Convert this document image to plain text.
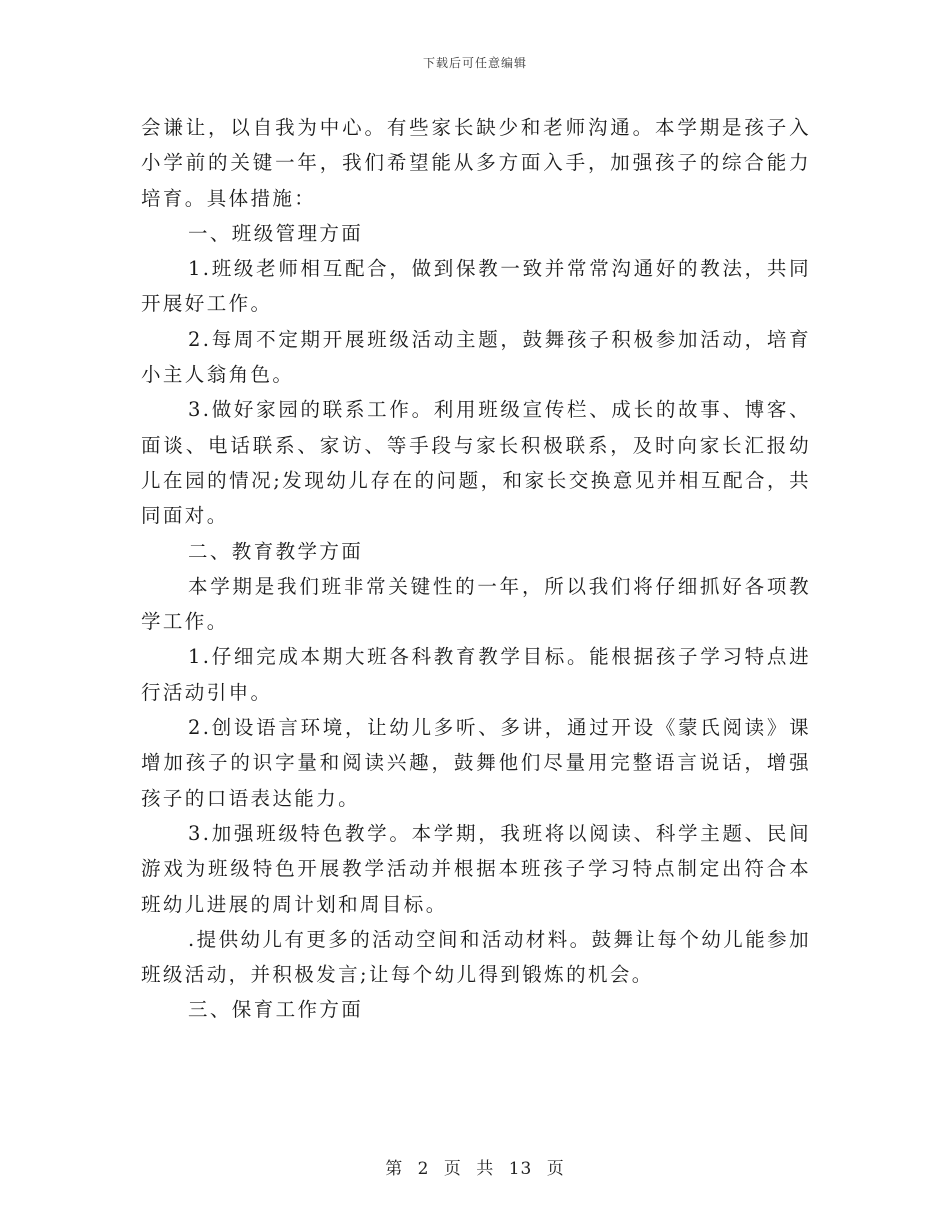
下载后可任意编辑

会谦让，以自我为中心。有些家长缺少和老师沟通。本学期是孩子入小学前的关键一年，我们希望能从多方面入手，加强孩子的综合能力培育。具体措施：

一、班级管理方面

1.班级老师相互配合，做到保教一致并常常沟通好的教法，共同开展好工作。

2.每周不定期开展班级活动主题，鼓舞孩子积极参加活动，培育小主人翁角色。

3.做好家园的联系工作。利用班级宣传栏、成长的故事、博客、面谈、电话联系、家访、等手段与家长积极联系，及时向家长汇报幼儿在园的情况;发现幼儿存在的问题，和家长交换意见并相互配合，共同面对。

二、教育教学方面

本学期是我们班非常关键性的一年，所以我们将仔细抓好各项教学工作。

1.仔细完成本期大班各科教育教学目标。能根据孩子学习特点进行活动引申。

2.创设语言环境，让幼儿多听、多讲，通过开设《蒙氏阅读》课增加孩子的识字量和阅读兴趣，鼓舞他们尽量用完整语言说话，增强孩子的口语表达能力。

3.加强班级特色教学。本学期，我班将以阅读、科学主题、民间游戏为班级特色开展教学活动并根据本班孩子学习特点制定出符合本班幼儿进展的周计划和周目标。

.提供幼儿有更多的活动空间和活动材料。鼓舞让每个幼儿能参加班级活动，并积极发言;让每个幼儿得到锻炼的机会。

三、保育工作方面

第 2 页 共 13 页
